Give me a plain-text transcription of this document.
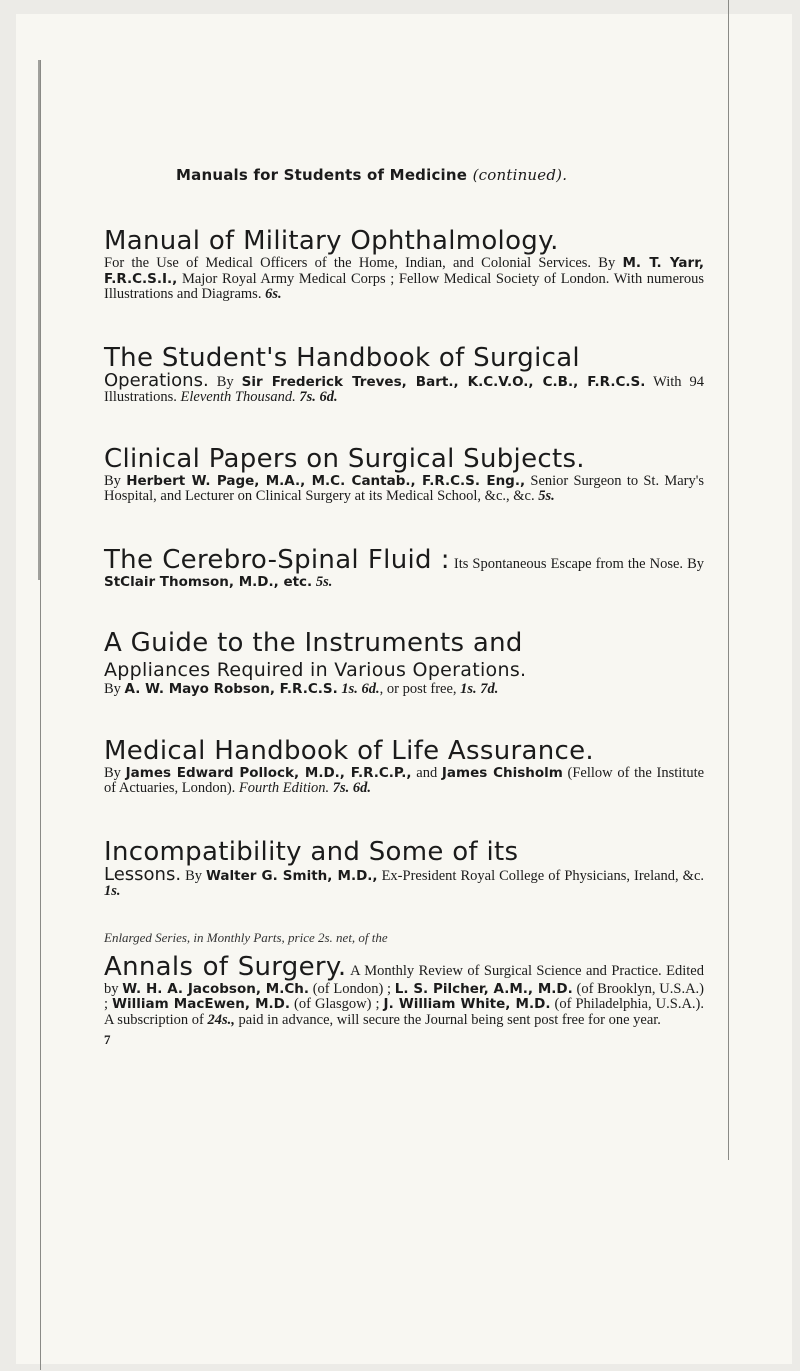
Manuals for Students of Medicine (continued).
Manual of Military Ophthalmology.
For the Use of Medical Officers of the Home, Indian, and Colonial Services. By M. T. Yarr, F.R.C.S.I., Major Royal Army Medical Corps ; Fellow Medical Society of London. With numerous Illustrations and Diagrams. 6s.
The Student's Handbook of Surgical
Operations. By Sir Frederick Treves, Bart., K.C.V.O., C.B., F.R.C.S. With 94 Illustrations. Eleventh Thousand. 7s. 6d.
Clinical Papers on Surgical Subjects.
By Herbert W. Page, M.A., M.C. Cantab., F.R.C.S. Eng., Senior Surgeon to St. Mary's Hospital, and Lecturer on Clinical Surgery at its Medical School, &c., &c. 5s.
The Cerebro-Spinal Fluid : Its Spontaneous Escape from the Nose. By StClair Thomson, M.D., etc. 5s.
A Guide to the Instruments and
Appliances Required in Various Operations.
By A. W. Mayo Robson, F.R.C.S. 1s. 6d., or post free, 1s. 7d.
Medical Handbook of Life Assurance.
By James Edward Pollock, M.D., F.R.C.P., and James Chisholm (Fellow of the Institute of Actuaries, London). Fourth Edition. 7s. 6d.
Incompatibility and Some of its
Lessons. By Walter G. Smith, M.D., Ex-President Royal College of Physicians, Ireland, &c. 1s.
Enlarged Series, in Monthly Parts, price 2s. net, of the
Annals of Surgery. A Monthly Review of Surgical Science and Practice. Edited by W. H. A. Jacobson, M.Ch. (of London) ; L. S. Pilcher, A.M., M.D. (of Brooklyn, U.S.A.) ; William MacEwen, M.D. (of Glasgow) ; J. William White, M.D. (of Philadelphia, U.S.A.). A subscription of 24s., paid in advance, will secure the Journal being sent post free for one year.
7
